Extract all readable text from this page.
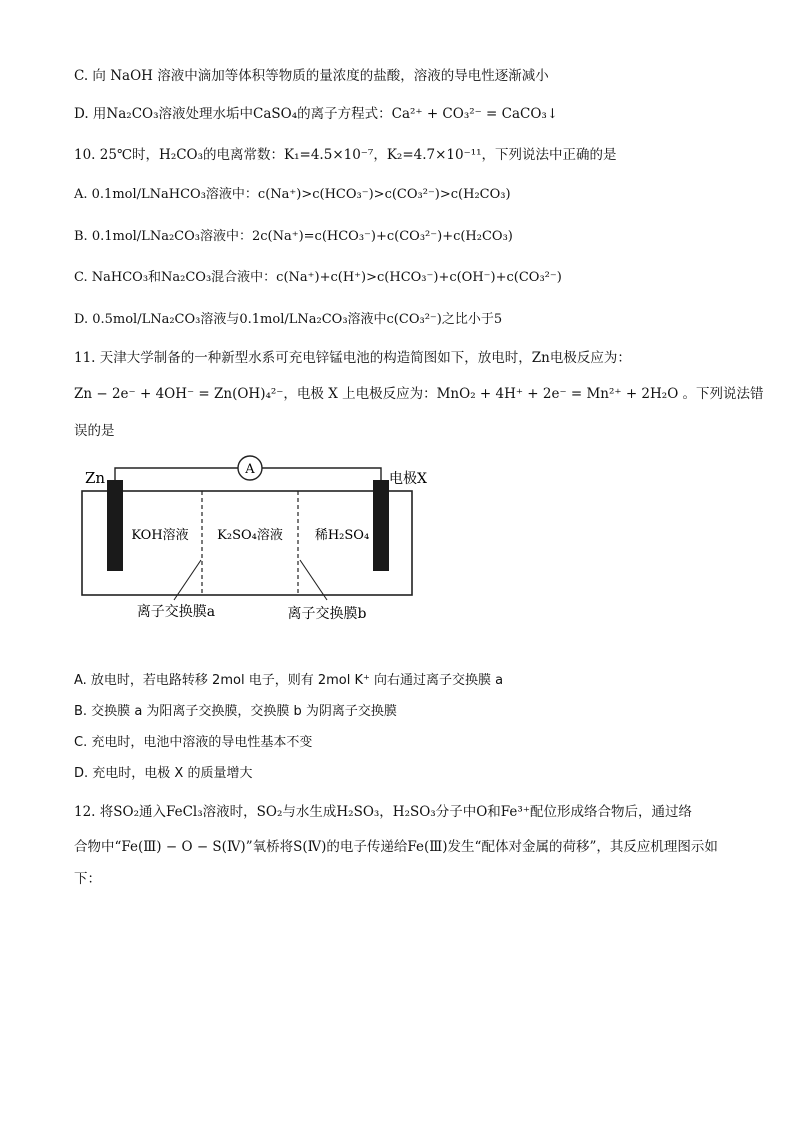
C. 向 NaOH 溶液中滴加等体积等物质的量浓度的盐酸，溶液的导电性逐渐减小
D. 用Na₂CO₃溶液处理水垢中CaSO₄的离子方程式：Ca²⁺ + CO₃²⁻ = CaCO₃↓
10. 25℃时，H₂CO₃的电离常数：K₁=4.5×10⁻⁷，K₂=4.7×10⁻¹¹，下列说法中正确的是
A. 0.1mol/LNaHCO₃溶液中：c(Na⁺)>c(HCO₃⁻)>c(CO₃²⁻)>c(H₂CO₃)
B. 0.1mol/LNa₂CO₃溶液中：2c(Na⁺)=c(HCO₃⁻)+c(CO₃²⁻)+c(H₂CO₃)
C. NaHCO₃和Na₂CO₃混合液中：c(Na⁺)+c(H⁺)>c(HCO₃⁻)+c(OH⁻)+c(CO₃²⁻)
D. 0.5mol/LNa₂CO₃溶液与0.1mol/LNa₂CO₃溶液中c(CO₃²⁻)之比小于5
11. 天津大学制备的一种新型水系可充电锌锰电池的构造简图如下，放电时，Zn电极反应为：
Zn − 2e⁻ + 4OH⁻ = Zn(OH)₄²⁻，电极 X 上电极反应为：MnO₂ + 4H⁺ + 2e⁻ = Mn²⁺ + 2H₂O 。下列说法错
误的是
A
Zn	电极X
KOH溶液 K₂SO₄溶液 稀H₂SO₄
离子交换膜a	离子交换膜b
A. 放电时，若电路转移 2mol 电子，则有 2mol K⁺ 向右通过离子交换膜 a
B. 交换膜 a 为阳离子交换膜，交换膜 b 为阴离子交换膜
C. 充电时，电池中溶液的导电性基本不变
D. 充电时，电极 X 的质量增大
12. 将SO₂通入FeCl₃溶液时，SO₂与水生成H₂SO₃，H₂SO₃分子中O和Fe³⁺配位形成络合物后，通过络
合物中“Fe(Ⅲ) − O − S(Ⅳ)”氧桥将S(Ⅳ)的电子传递给Fe(Ⅲ)发生“配体对金属的荷移”，其反应机理图示如
下：
